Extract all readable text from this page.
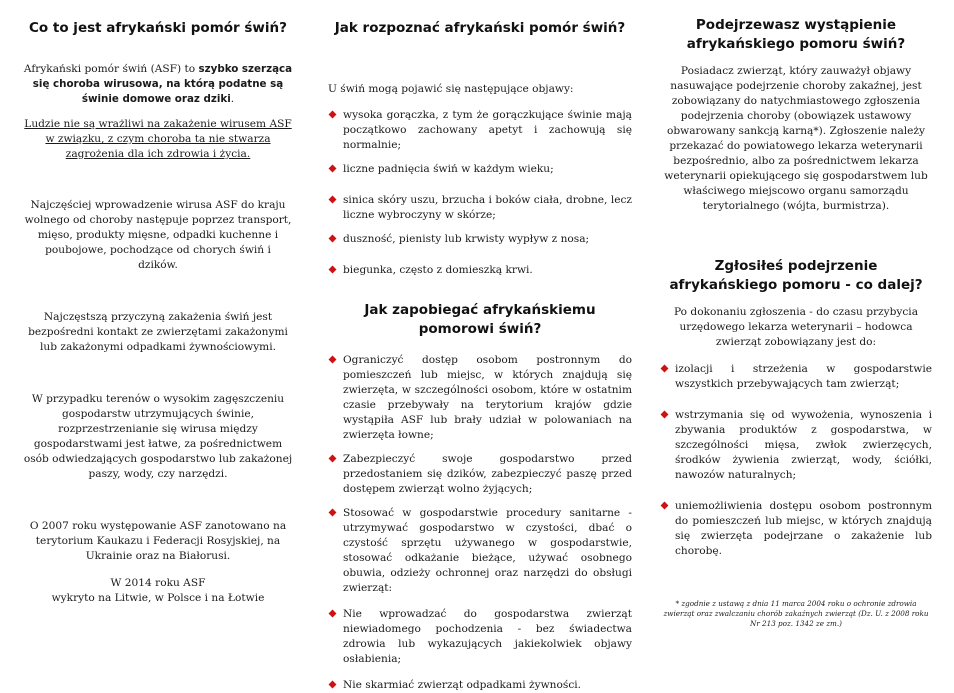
Co to jest afrykański pomór świń?

Afrykański pomór świń (ASF) to szybko szerząca się choroba wirusowa, na którą podatne są świnie domowe oraz dziki.

Ludzie nie są wrażliwi na zakażenie wirusem ASF w związku, z czym choroba ta nie stwarza zagrożenia dla ich zdrowia i życia.

Najczęściej wprowadzenie wirusa ASF do kraju wolnego od choroby następuje poprzez transport, mięso, produkty mięsne, odpadki kuchenne i poubojowe, pochodzące od chorych świń i dzików.

Najczęstszą przyczyną zakażenia świń jest bezpośredni kontakt ze zwierzętami zakażonymi lub zakażonymi odpadkami żywnościowymi.

W przypadku terenów o wysokim zagęszczeniu gospodarstw utrzymujących świnie, rozprzestrzenianie się wirusa między gospodarstwami jest łatwe, za pośrednictwem osób odwiedzających gospodarstwo lub zakażonej paszy, wody, czy narzędzi.

O 2007 roku występowanie ASF zanotowano na terytorium Kaukazu i Federacji Rosyjskiej, na Ukrainie oraz na Białorusi.

W 2014 roku ASF
wykryto na Litwie, w Polsce i na Łotwie

Jak rozpoznać afrykański pomór świń?

U świń mogą pojawić się następujące objawy:

wysoka gorączka, z tym że gorączkujące świnie mają początkowo zachowany apetyt i zachowują się normalnie;
liczne padnięcia świń w każdym wieku;
sinica skóry uszu, brzucha i boków ciała, drobne, lecz liczne wybroczyny w skórze;
duszność, pienisty lub krwisty wypływ z nosa;
biegunka, często z domieszką krwi.
Jak zapobiegać afrykańskiemu pomorowi świń?
Ograniczyć dostęp osobom postronnym do pomieszczeń lub miejsc, w których znajdują się zwierzęta, w szczególności osobom, które w ostatnim czasie przebywały na terytorium krajów gdzie wystąpiła ASF lub brały udział w polowaniach na zwierzęta łowne;
Zabezpieczyć swoje gospodarstwo przed przedostaniem się dzików, zabezpieczyć paszę przed dostępem zwierząt wolno żyjących;
Stosować w gospodarstwie procedury sanitarne - utrzymywać gospodarstwo w czystości, dbać o czystość sprzętu używanego w gospodarstwie, stosować odkażanie bieżące, używać osobnego obuwia, odzieży ochronnej oraz narzędzi do obsługi zwierząt:
Nie wprowadzać do gospodarstwa zwierząt niewiadomego pochodzenia - bez świadectwa zdrowia lub wykazujących jakiekolwiek objawy osłabienia;
Nie skarmiać zwierząt odpadkami żywności.
Podejrzewasz wystąpienie afrykańskiego pomoru świń?

Posiadacz zwierząt, który zauważył objawy nasuwające podejrzenie choroby zakaźnej, jest zobowiązany do natychmiastowego zgłoszenia podejrzenia choroby (obowiązek ustawowy obwarowany sankcją karną*). Zgłoszenie należy przekazać do powiatowego lekarza weterynarii bezpośrednio, albo za pośrednictwem lekarza weterynarii opiekującego się gospodarstwem lub właściwego miejscowo organu samorządu terytorialnego (wójta, burmistrza).

Zgłosiłeś podejrzenie afrykańskiego pomoru - co dalej?

Po dokonaniu zgłoszenia - do czasu przybycia urzędowego lekarza weterynarii – hodowca zwierząt zobowiązany jest do:

izolacji i strzeżenia w gospodarstwie wszystkich przebywających tam zwierząt;
wstrzymania się od wywożenia, wynoszenia i zbywania produktów z gospodarstwa, w szczególności mięsa, zwłok zwierzęcych, środków żywienia zwierząt, wody, ściółki, nawozów naturalnych;
uniemożliwienia dostępu osobom postronnym do pomieszczeń lub miejsc, w których znajdują się zwierzęta podejrzane o zakażenie lub chorobę.

* zgodnie z ustawą z dnia 11 marca 2004 roku o ochronie zdrowia zwierząt oraz zwalczaniu chorób zakaźnych zwierząt (Dz. U. z 2008 roku Nr 213 poz. 1342 ze zm.)
